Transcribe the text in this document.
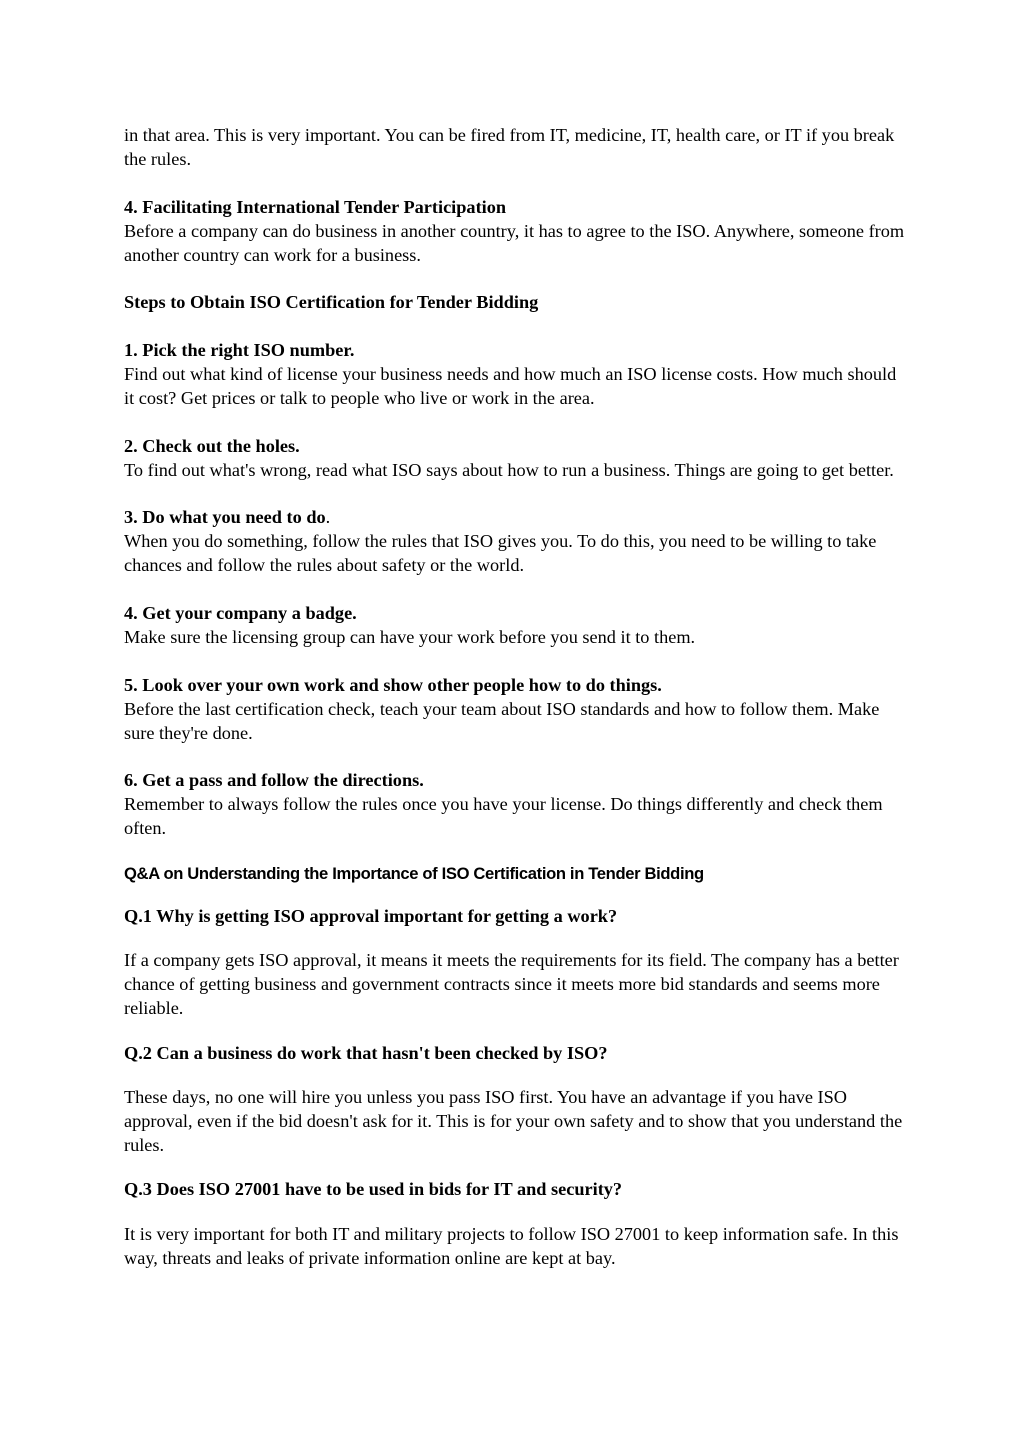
in that area. This is very important. You can be fired from IT, medicine, IT, health care, or IT if you break the rules.

4. Facilitating International Tender Participation

Before a company can do business in another country, it has to agree to the ISO. Anywhere, someone from another country can work for a business.

Steps to Obtain ISO Certification for Tender Bidding

1. Pick the right ISO number.

Find out what kind of license your business needs and how much an ISO license costs. How much should it cost? Get prices or talk to people who live or work in the area.

2. Check out the holes.

To find out what's wrong, read what ISO says about how to run a business. Things are going to get better.

3. Do what you need to do.

When you do something, follow the rules that ISO gives you. To do this, you need to be willing to take chances and follow the rules about safety or the world.

4. Get your company a badge.

Make sure the licensing group can have your work before you send it to them.

5. Look over your own work and show other people how to do things.

Before the last certification check, teach your team about ISO standards and how to follow them. Make sure they're done.

6. Get a pass and follow the directions.

Remember to always follow the rules once you have your license. Do things differently and check them often.

Q&A on Understanding the Importance of ISO Certification in Tender Bidding

Q.1 Why is getting ISO approval important for getting a work?

If a company gets ISO approval, it means it meets the requirements for its field. The company has a better chance of getting business and government contracts since it meets more bid standards and seems more reliable.

Q.2 Can a business do work that hasn't been checked by ISO?

These days, no one will hire you unless you pass ISO first. You have an advantage if you have ISO approval, even if the bid doesn't ask for it. This is for your own safety and to show that you understand the rules.

Q.3 Does ISO 27001 have to be used in bids for IT and security?

It is very important for both IT and military projects to follow ISO 27001 to keep information safe. In this way, threats and leaks of private information online are kept at bay.
